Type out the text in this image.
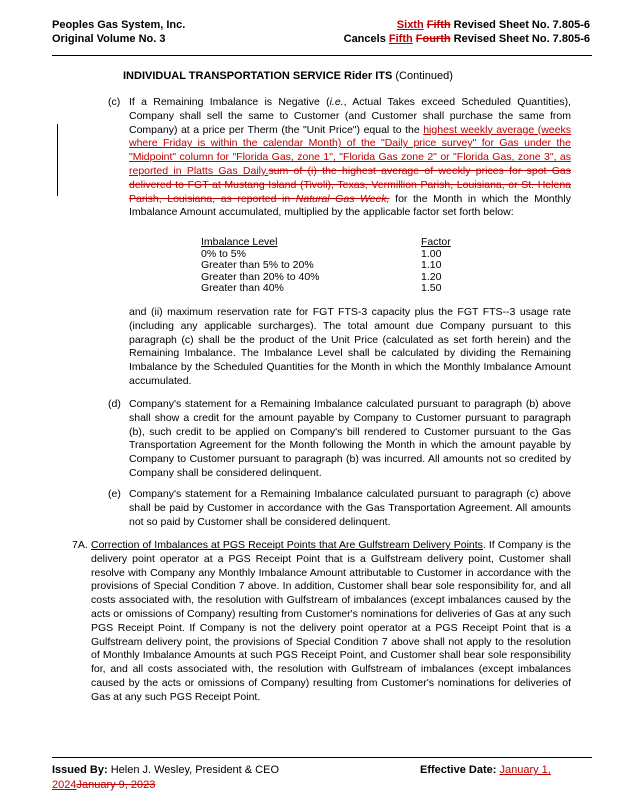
Peoples Gas System, Inc.
Original Volume No. 3
Sixth Fifth Revised Sheet No. 7.805-6
Cancels Fifth Fourth Revised Sheet No. 7.805-6
INDIVIDUAL TRANSPORTATION SERVICE Rider ITS (Continued)
(c) If a Remaining Imbalance is Negative (i.e., Actual Takes exceed Scheduled Quantities), Company shall sell the same to Customer (and Customer shall purchase the same from Company) at a price per Therm (the "Unit Price") equal to the highest weekly average (weeks where Friday is within the calendar Month) of the "Daily price survey" for Gas under the "Midpoint" column for "Florida Gas, zone 1", "Florida Gas zone 2" or "Florida Gas, zone 3", as reported in Platts Gas Daily.sum of (i) the highest average of weekly prices for spot Gas delivered to FGT at Mustang Island (Tivoli), Texas, Vermillion Parish, Louisiana, or St. Helena Parish, Louisiana, as reported in Natural Gas Week, for the Month in which the Monthly Imbalance Amount accumulated, multiplied by the applicable factor set forth below:
Imbalance Level	Factor
0% to 5%	1.00
Greater than 5% to 20%	1.10
Greater than 20% to 40%	1.20
Greater than 40%	1.50
and (ii) maximum reservation rate for FGT FTS-3 capacity plus the FGT FTS--3 usage rate (including any applicable surcharges). The total amount due Company pursuant to this paragraph (c) shall be the product of the Unit Price (calculated as set forth herein) and the Remaining Imbalance. The Imbalance Level shall be calculated by dividing the Remaining Imbalance by the Scheduled Quantities for the Month in which the Monthly Imbalance Amount accumulated.
(d) Company's statement for a Remaining Imbalance calculated pursuant to paragraph (b) above shall show a credit for the amount payable by Company to Customer pursuant to paragraph (b), such credit to be applied on Company's bill rendered to Customer pursuant to the Gas Transportation Agreement for the Month following the Month in which the amount payable by Company to Customer pursuant to paragraph (b) was incurred. All amounts not so credited by Company shall be considered delinquent.
(e) Company's statement for a Remaining Imbalance calculated pursuant to paragraph (c) above shall be paid by Customer in accordance with the Gas Transportation Agreement. All amounts not so paid by Customer shall be considered delinquent.
7A. Correction of Imbalances at PGS Receipt Points that Are Gulfstream Delivery Points. If Company is the delivery point operator at a PGS Receipt Point that is a Gulfstream delivery point, Customer shall resolve with Company any Monthly Imbalance Amount attributable to Customer in accordance with the provisions of Special Condition 7 above. In addition, Customer shall bear sole responsibility for, and all costs associated with, the resolution with Gulfstream of imbalances (except imbalances caused by the acts or omissions of Company) resulting from Customer's nominations for deliveries of Gas at any such PGS Receipt Point. If Company is not the delivery point operator at a PGS Receipt Point that is a Gulfstream delivery point, the provisions of Special Condition 7 above shall not apply to the resolution of Monthly Imbalance Amounts at such PGS Receipt Point, and Customer shall bear sole responsibility for, and all costs associated with, the resolution with Gulfstream of imbalances (except imbalances caused by the acts or omissions of Company) resulting from Customer's nominations for deliveries of Gas at any such PGS Receipt Point.
Issued By: Helen J. Wesley, President & CEO	Effective Date: January 1,
2024January 9, 2023
